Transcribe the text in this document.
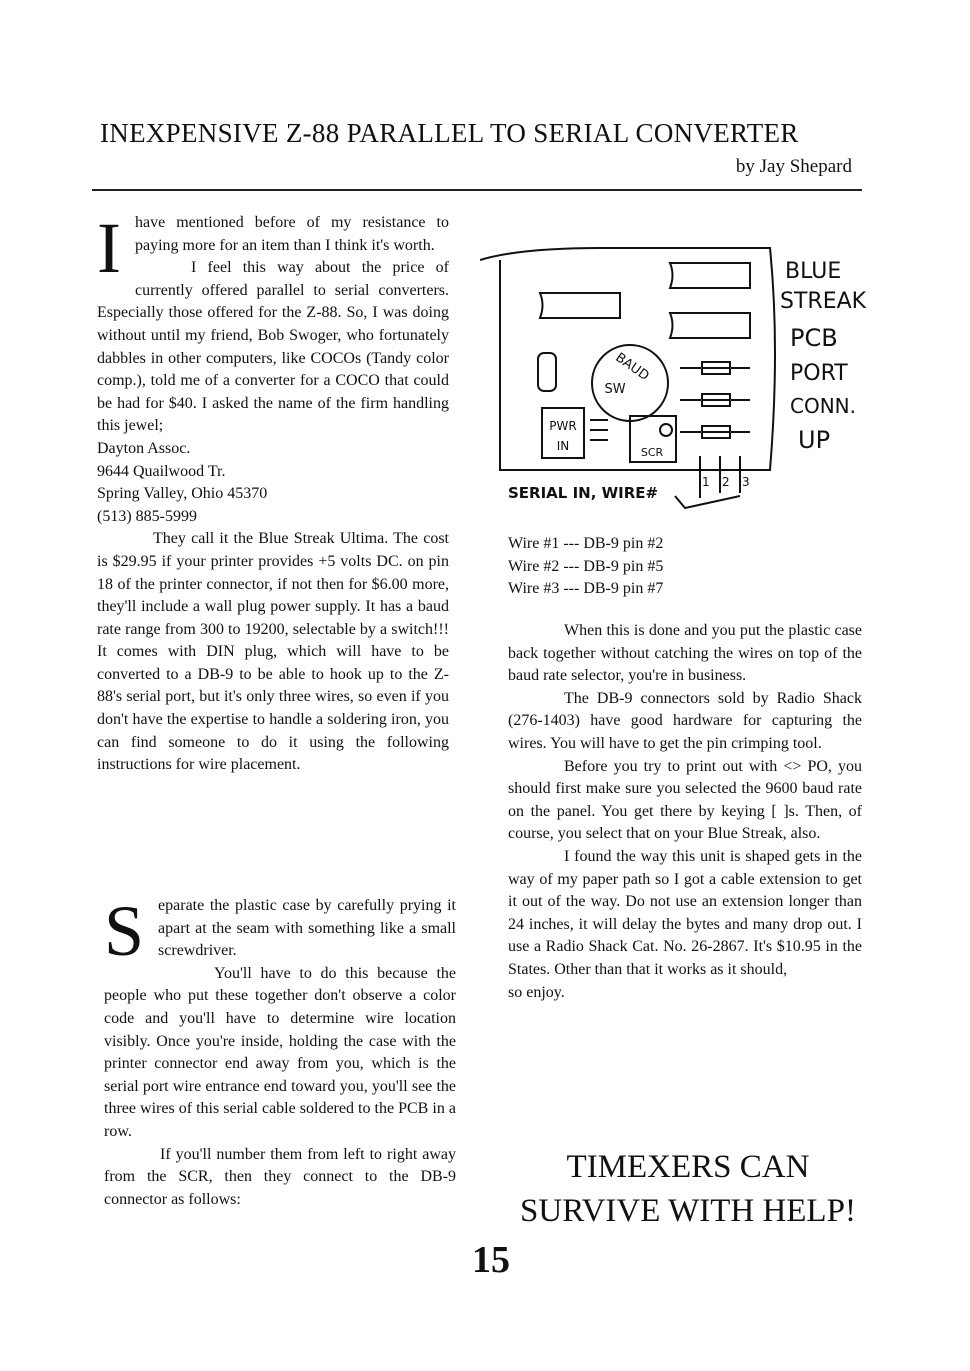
INEXPENSIVE Z-88 PARALLEL TO SERIAL CONVERTER
by Jay Shepard
I have mentioned before of my resistance to paying more for an item than I think it's worth.

I feel this way about the price of currently offered parallel to serial converters. Especially those offered for the Z-88. So, I was doing without until my friend, Bob Swoger, who fortunately dabbles in other computers, like COCOs (Tandy color comp.), told me of a converter for a COCO that could be had for $40. I asked the name of the firm handling this jewel;

Dayton Assoc.
9644 Quailwood Tr.
Spring Valley, Ohio 45370
(513) 885-5999

They call it the Blue Streak Ultima. The cost is $29.95 if your printer provides +5 volts DC. on pin 18 of the printer connector, if not then for $6.00 more, they'll include a wall plug power supply. It has a baud rate range from 300 to 19200, selectable by a switch!!! It comes with DIN plug, which will have to be converted to a DB-9 to be able to hook up to the Z-88's serial port, but it's only three wires, so even if you don't have the expertise to handle a soldering iron, you can find someone to do it using the following instructions for wire placement.

S eparate the plastic case by carefully prying it apart at the seam with something like a small screwdriver.

You'll have to do this because the people who put these together don't observe a color code and you'll have to determine wire location visibly. Once you're inside, holding the case with the printer connector end away from you, which is the serial port wire entrance end toward you, you'll see the three wires of this serial cable soldered to the PCB in a row.

If you'll number them from left to right away from the SCR, then they connect to the DB-9 connector as follows:

BAUD
SW
PWR
IN	SCR
SERIAL IN, WIRE#
1 2 3
BLUE
STREAK
PCB
PORT
CONN.
UP
Wire #1 --- DB-9 pin #2
Wire #2 --- DB-9 pin #5
Wire #3 --- DB-9 pin #7

When this is done and you put the plastic case back together without catching the wires on top of the baud rate selector, you're in business.

The DB-9 connectors sold by Radio Shack (276-1403) have good hardware for capturing the wires. You will have to get the pin crimping tool.

Before you try to print out with <> PO, you should first make sure you selected the 9600 baud rate on the panel. You get there by keying [ ]s. Then, of course, you select that on your Blue Streak, also.

I found the way this unit is shaped gets in the way of my paper path so I got a cable extension to get it out of the way. Do not use an extension longer than 24 inches, it will delay the bytes and many drop out. I use a Radio Shack Cat. No. 26-2867. It's $10.95 in the States. Other than that it works as it should,

so enjoy.

TIMEXERS CAN
SURVIVE WITH HELP!
15
